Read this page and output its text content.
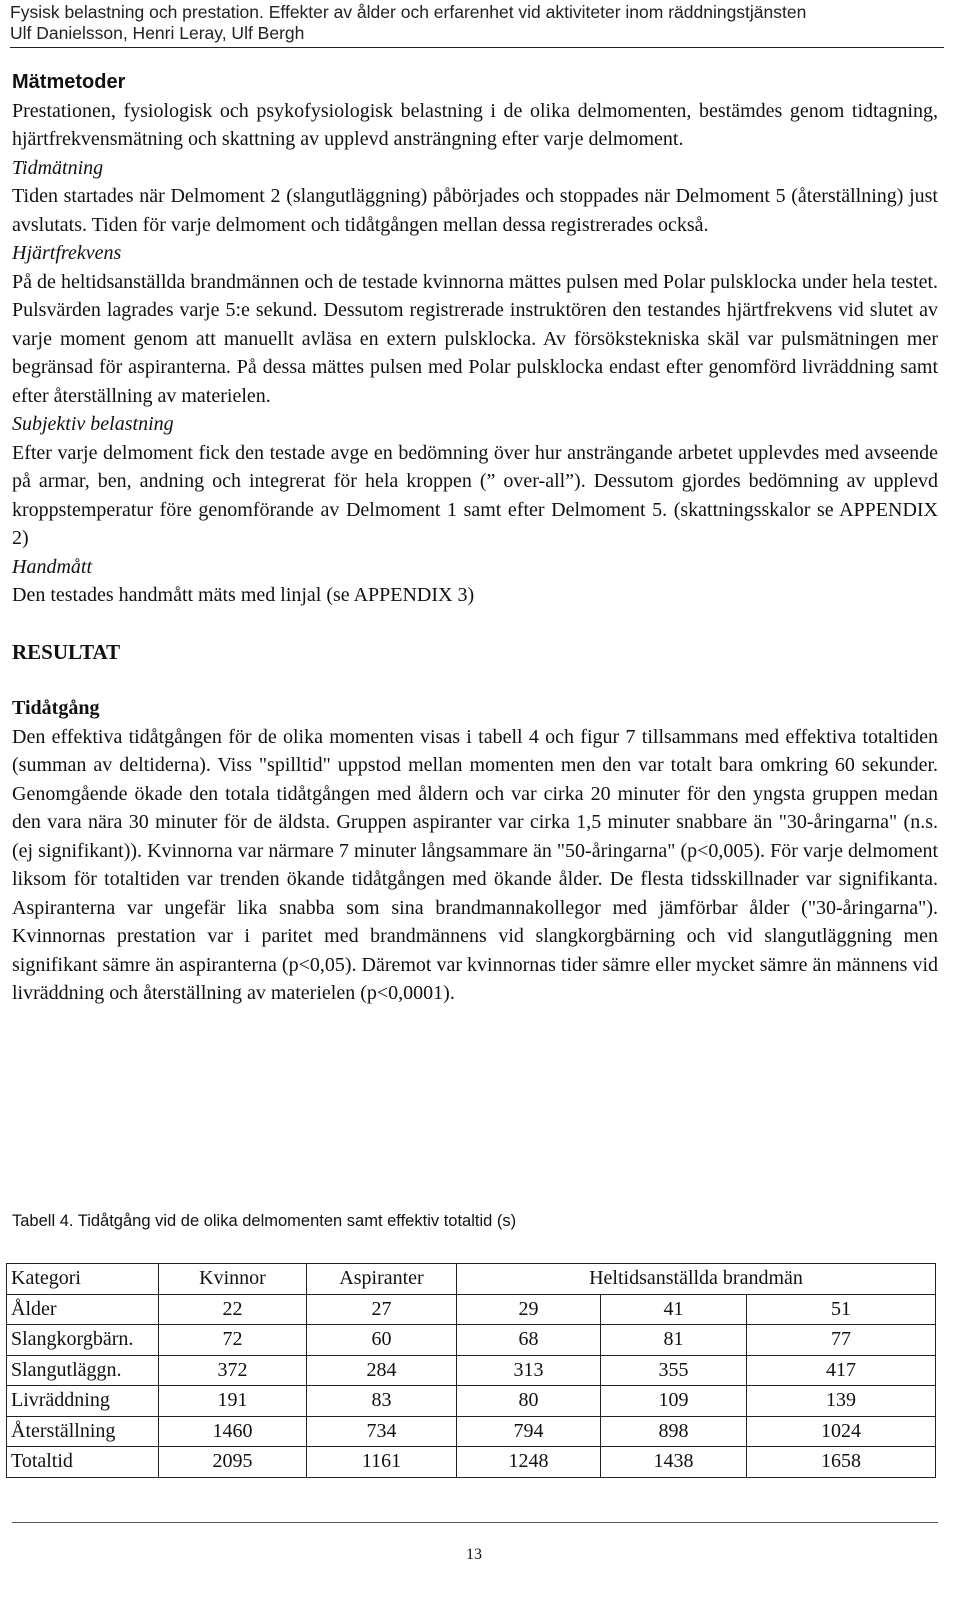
Fysisk belastning och prestation. Effekter av ålder och erfarenhet vid aktiviteter inom räddningstjänsten
Ulf Danielsson, Henri Leray, Ulf Bergh

Mätmetoder

Prestationen, fysiologisk och psykofysiologisk belastning i de olika delmomenten, bestämdes genom tidtagning, hjärtfrekvensmätning och skattning av upplevd ansträngning efter varje delmoment.

Tidmätning

Tiden startades när Delmoment 2 (slangutläggning) påbörjades och stoppades när Delmoment 5 (återställning) just avslutats. Tiden för varje delmoment och tidåtgången mellan dessa registrerades också.

Hjärtfrekvens

På de heltidsanställda brandmännen och de testade kvinnorna mättes pulsen med Polar pulsklocka under hela testet. Pulsvärden lagrades varje 5:e sekund. Dessutom registrerade instruktören den testandes hjärtfrekvens vid slutet av varje moment genom att manuellt avläsa en extern pulsklocka. Av försökstekniska skäl var pulsmätningen mer begränsad för aspiranterna. På dessa mättes pulsen med Polar pulsklocka endast efter genomförd livräddning samt efter återställning av materielen.

Subjektiv belastning

Efter varje delmoment fick den testade avge en bedömning över hur ansträngande arbetet upplevdes med avseende på armar, ben, andning och integrerat för hela kroppen (” over-all”). Dessutom gjordes bedömning av upplevd kroppstemperatur före genomförande av Delmoment 1 samt efter Delmoment 5. (skattningsskalor se APPENDIX 2)

Handmått

Den testades handmått mäts med linjal (se APPENDIX 3)

RESULTAT

Tidåtgång

Den effektiva tidåtgången för de olika momenten visas i tabell 4 och figur 7 tillsammans med effektiva totaltiden (summan av deltiderna). Viss "spilltid" uppstod mellan momenten men den var totalt bara omkring 60 sekunder. Genomgående ökade den totala tidåtgången med åldern och var cirka 20 minuter för den yngsta gruppen medan den vara nära 30 minuter för de äldsta. Gruppen aspiranter var cirka 1,5 minuter snabbare än "30-åringarna" (n.s. (ej signifikant)). Kvinnorna var närmare 7 minuter långsammare än "50-åringarna" (p<0,005). För varje delmoment liksom för totaltiden var trenden ökande tidåtgången med ökande ålder. De flesta tidsskillnader var signifikanta. Aspiranterna var ungefär lika snabba som sina brandmannakollegor med jämförbar ålder ("30-åringarna"). Kvinnornas prestation var i paritet med brandmännens vid slangkorgbärning och vid slangutläggning men signifikant sämre än aspiranterna (p<0,05). Däremot var kvinnornas tider sämre eller mycket sämre än männens vid livräddning och återställning av materielen (p<0,0001).

Tabell 4. Tidåtgång vid de olika delmomenten samt effektiv totaltid (s)
Kategori	Kvinnor	Aspiranter	Heltidsanställda brandmän		
Ålder	22	27	29	41	51
Slangkorgbärn.	72	60	68	81	77
Slangutläggn.	372	284	313	355	417
Livräddning	191	83	80	109	139
Återställning	1460	734	794	898	1024
Totaltid	2095	1161	1248	1438	1658
13
